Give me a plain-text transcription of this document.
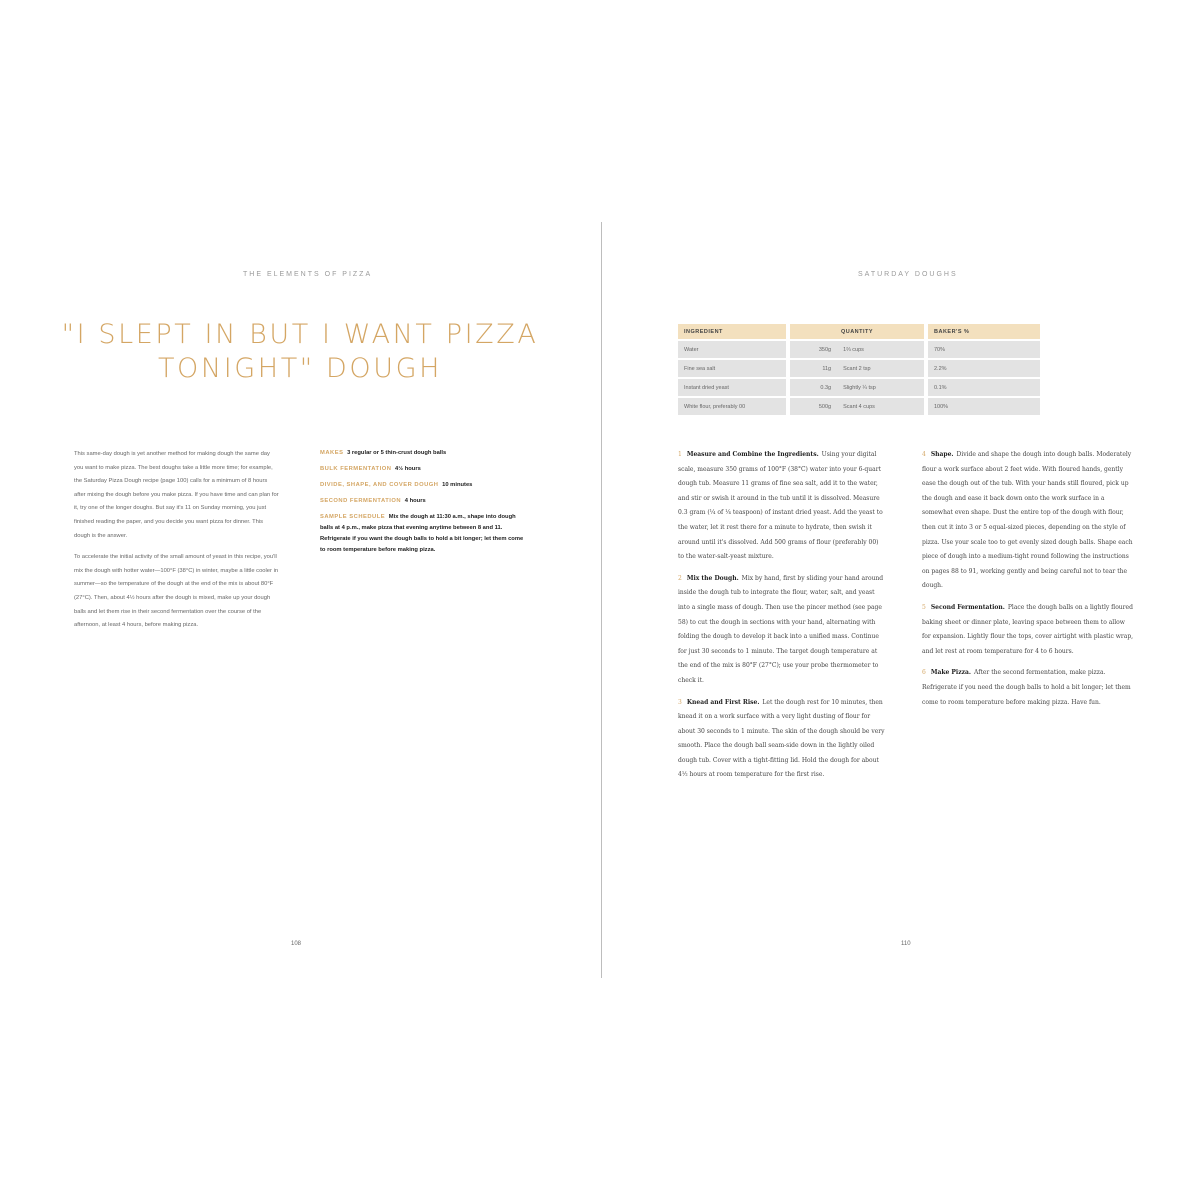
THE ELEMENTS OF PIZZA
"I SLEPT IN BUT I WANT PIZZA
TONIGHT" DOUGH

This same-day dough is yet another method for making dough the same day you want to make pizza. The best doughs take a little more time; for example, the Saturday Pizza Dough recipe (page 100) calls for a minimum of 8 hours after mixing the dough before you make pizza. If you have time and can plan for it, try one of the longer doughs. But say it's 11 on Sunday morning, you just finished reading the paper, and you decide you want pizza for dinner. This dough is the answer.

To accelerate the initial activity of the small amount of yeast in this recipe, you'll mix the dough with hotter water—100°F (38°C) in winter, maybe a little cooler in summer—so the temperature of the dough at the end of the mix is about 80°F (27°C). Then, about 4½ hours after the dough is mixed, make up your dough balls and let them rise in their second fermentation over the course of the afternoon, at least 4 hours, before making pizza.

MAKES 3 regular or 5 thin-crust dough balls
BULK FERMENTATION 4½ hours
DIVIDE, SHAPE, AND COVER DOUGH 10 minutes
SECOND FERMENTATION 4 hours
SAMPLE SCHEDULE Mix the dough at 11:30 a.m., shape into dough balls at 4 p.m., make pizza that evening anytime between 8 and 11. Refrigerate if you want the dough balls to hold a bit longer; let them come to room temperature before making pizza.
108
SATURDAY DOUGHS
INGREDIENT		QUANTITY			BAKER'S %
Water		350g	1⅔ cups		70%
Fine sea salt		11g	Scant 2 tsp		2.2%
Instant dried yeast		0.3g	Slightly ¼ tsp		0.1%
White flour, preferably 00		500g	Scant 4 cups		100%

1 Measure and Combine the Ingredients. Using your digital scale, measure 350 grams of 100°F (38°C) water into your 6-quart dough tub. Measure 11 grams of fine sea salt, add it to the water, and stir or swish it around in the tub until it is dissolved. Measure 0.3 gram (¼ of ¼ teaspoon) of instant dried yeast. Add the yeast to the water, let it rest there for a minute to hydrate, then swish it around until it's dissolved. Add 500 grams of flour (preferably 00) to the water-salt-yeast mixture.

2 Mix the Dough. Mix by hand, first by sliding your hand around inside the dough tub to integrate the flour, water, salt, and yeast into a single mass of dough. Then use the pincer method (see page 58) to cut the dough in sections with your hand, alternating with folding the dough to develop it back into a unified mass. Continue for just 30 seconds to 1 minute. The target dough temperature at the end of the mix is 80°F (27°C); use your probe thermometer to check it.

3 Knead and First Rise. Let the dough rest for 10 minutes, then knead it on a work surface with a very light dusting of flour for about 30 seconds to 1 minute. The skin of the dough should be very smooth. Place the dough ball seam-side down in the lightly oiled dough tub. Cover with a tight-fitting lid. Hold the dough for about 4½ hours at room temperature for the first rise.

4 Shape. Divide and shape the dough into dough balls. Moderately flour a work surface about 2 feet wide. With floured hands, gently ease the dough out of the tub. With your hands still floured, pick up the dough and ease it back down onto the work surface in a somewhat even shape. Dust the entire top of the dough with flour, then cut it into 3 or 5 equal-sized pieces, depending on the style of pizza. Use your scale too to get evenly sized dough balls. Shape each piece of dough into a medium-tight round following the instructions on pages 88 to 91, working gently and being careful not to tear the dough.

5 Second Fermentation. Place the dough balls on a lightly floured baking sheet or dinner plate, leaving space between them to allow for expansion. Lightly flour the tops, cover airtight with plastic wrap, and let rest at room temperature for 4 to 6 hours.

6 Make Pizza. After the second fermentation, make pizza. Refrigerate if you need the dough balls to hold a bit longer; let them come to room temperature before making pizza. Have fun.

110
